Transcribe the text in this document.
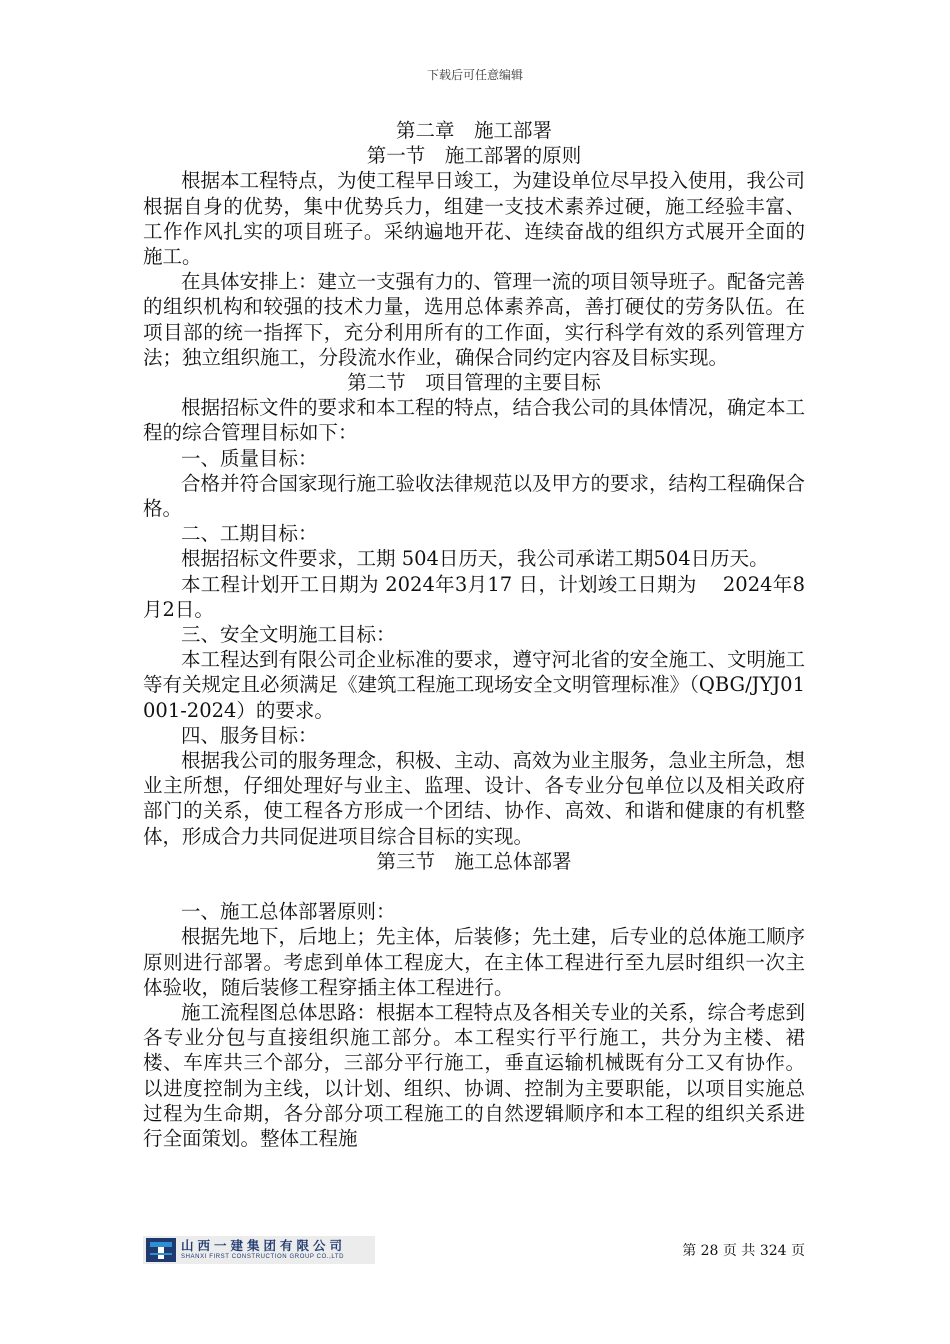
下载后可任意编辑

第二章　施工部署

第一节　施工部署的原则

根据本工程特点，为使工程早日竣工，为建设单位尽早投入使用，我公司根据自身的优势，集中优势兵力，组建一支技术素养过硬，施工经验丰富、工作作风扎实的项目班子。采纳遍地开花、连续奋战的组织方式展开全面的施工。

在具体安排上：建立一支强有力的、管理一流的项目领导班子。配备完善的组织机构和较强的技术力量，选用总体素养高，善打硬仗的劳务队伍。在项目部的统一指挥下，充分利用所有的工作面，实行科学有效的系列管理方法；独立组织施工，分段流水作业，确保合同约定内容及目标实现。

第二节　项目管理的主要目标

根据招标文件的要求和本工程的特点，结合我公司的具体情况，确定本工程的综合管理目标如下：

一、质量目标：

合格并符合国家现行施工验收法律规范以及甲方的要求，结构工程确保合格。

二、工期目标：

根据招标文件要求，工期 504日历天，我公司承诺工期504日历天。

本工程计划开工日期为 2024年3月17 日，计划竣工日期为　 2024年8月2日。

三、安全文明施工目标：

本工程达到有限公司企业标准的要求，遵守河北省的安全施工、文明施工等有关规定且必须满足《建筑工程施工现场安全文明管理标准》（QBG/JYJ01001-2024）的要求。

四、服务目标：

根据我公司的服务理念，积极、主动、高效为业主服务，急业主所急，想业主所想，仔细处理好与业主、监理、设计、各专业分包单位以及相关政府部门的关系，使工程各方形成一个团结、协作、高效、和谐和健康的有机整体，形成合力共同促进项目综合目标的实现。

第三节　施工总体部署

一、施工总体部署原则：

根据先地下，后地上；先主体，后装修；先土建，后专业的总体施工顺序原则进行部署。考虑到单体工程庞大，在主体工程进行至九层时组织一次主体验收，随后装修工程穿插主体工程进行。

施工流程图总体思路：根据本工程特点及各相关专业的关系，综合考虑到各专业分包与直接组织施工部分。本工程实行平行施工，共分为主楼、裙楼、车库共三个部分，三部分平行施工，垂直运输机械既有分工又有协作。以进度控制为主线，以计划、组织、协调、控制为主要职能，以项目实施总过程为生命期，各分部分项工程施工的自然逻辑顺序和本工程的组织关系进行全面策划。整体工程施

山西一建集团有限公司
SHANXI FIRST CONSTRUCTION GROUP CO.,LTD	第 28 页 共 324 页
